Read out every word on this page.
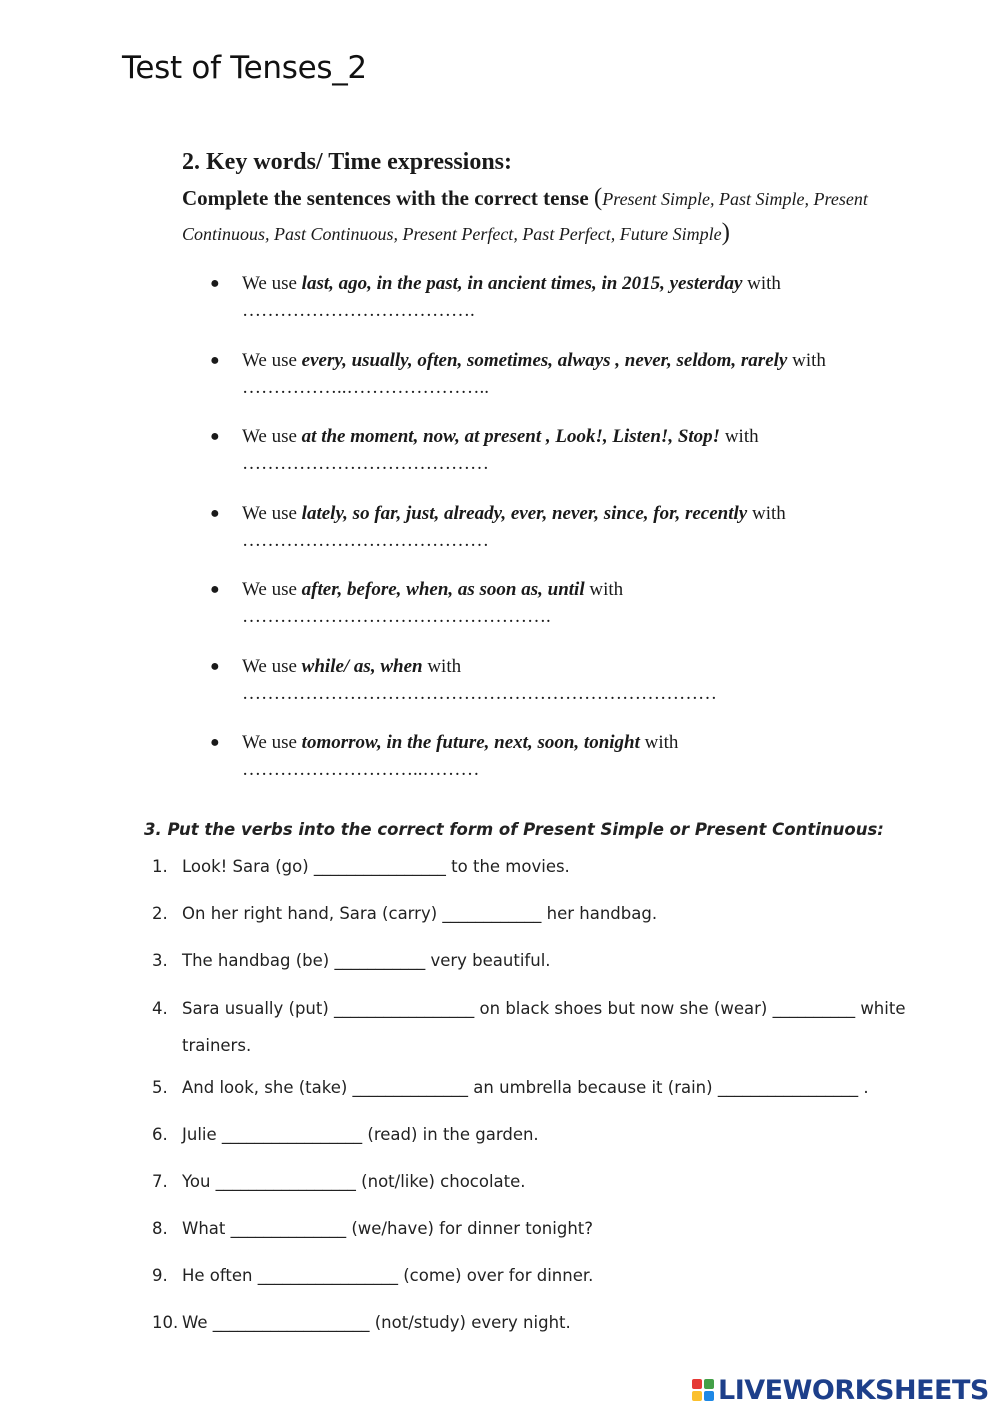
Test of Tenses_2

2. Key words/ Time expressions:

Complete the sentences with the correct tense (Present Simple, Past Simple, Present Continuous, Past Continuous, Present Perfect, Past Perfect, Future Simple)

● We use last, ago, in the past, in ancient times, in 2015, yesterday with
……………………………….
● We use every, usually, often, sometimes, always , never, seldom, rarely with
……………..…………………..
● We use at the moment, now, at present , Look!, Listen!, Stop! with
…………………………………
● We use lately, so far, just, already, ever, never, since, for, recently with
…………………………………
● We use after, before, when, as soon as, until with
………………………………………….
● We use while/ as, when with
…………………………………………………………………
● We use tomorrow, in the future, next, soon, tonight with
………………………..………
3. Put the verbs into the correct form of Present Simple or Present Continuous:
1. Look! Sara (go) ________________ to the movies.
2. On her right hand, Sara (carry) ____________ her handbag.
3. The handbag (be) ___________ very beautiful.
4. Sara usually (put) _________________ on black shoes but now she (wear) __________ white trainers.
5. And look, she (take) ______________ an umbrella because it (rain) _________________ .
6. Julie _________________ (read) in the garden.
7. You _________________ (not/like) chocolate.
8. What ______________ (we/have) for dinner tonight?
9. He often _________________ (come) over for dinner.
10. We ___________________ (not/study) every night.
LIVEWORKSHEETS
